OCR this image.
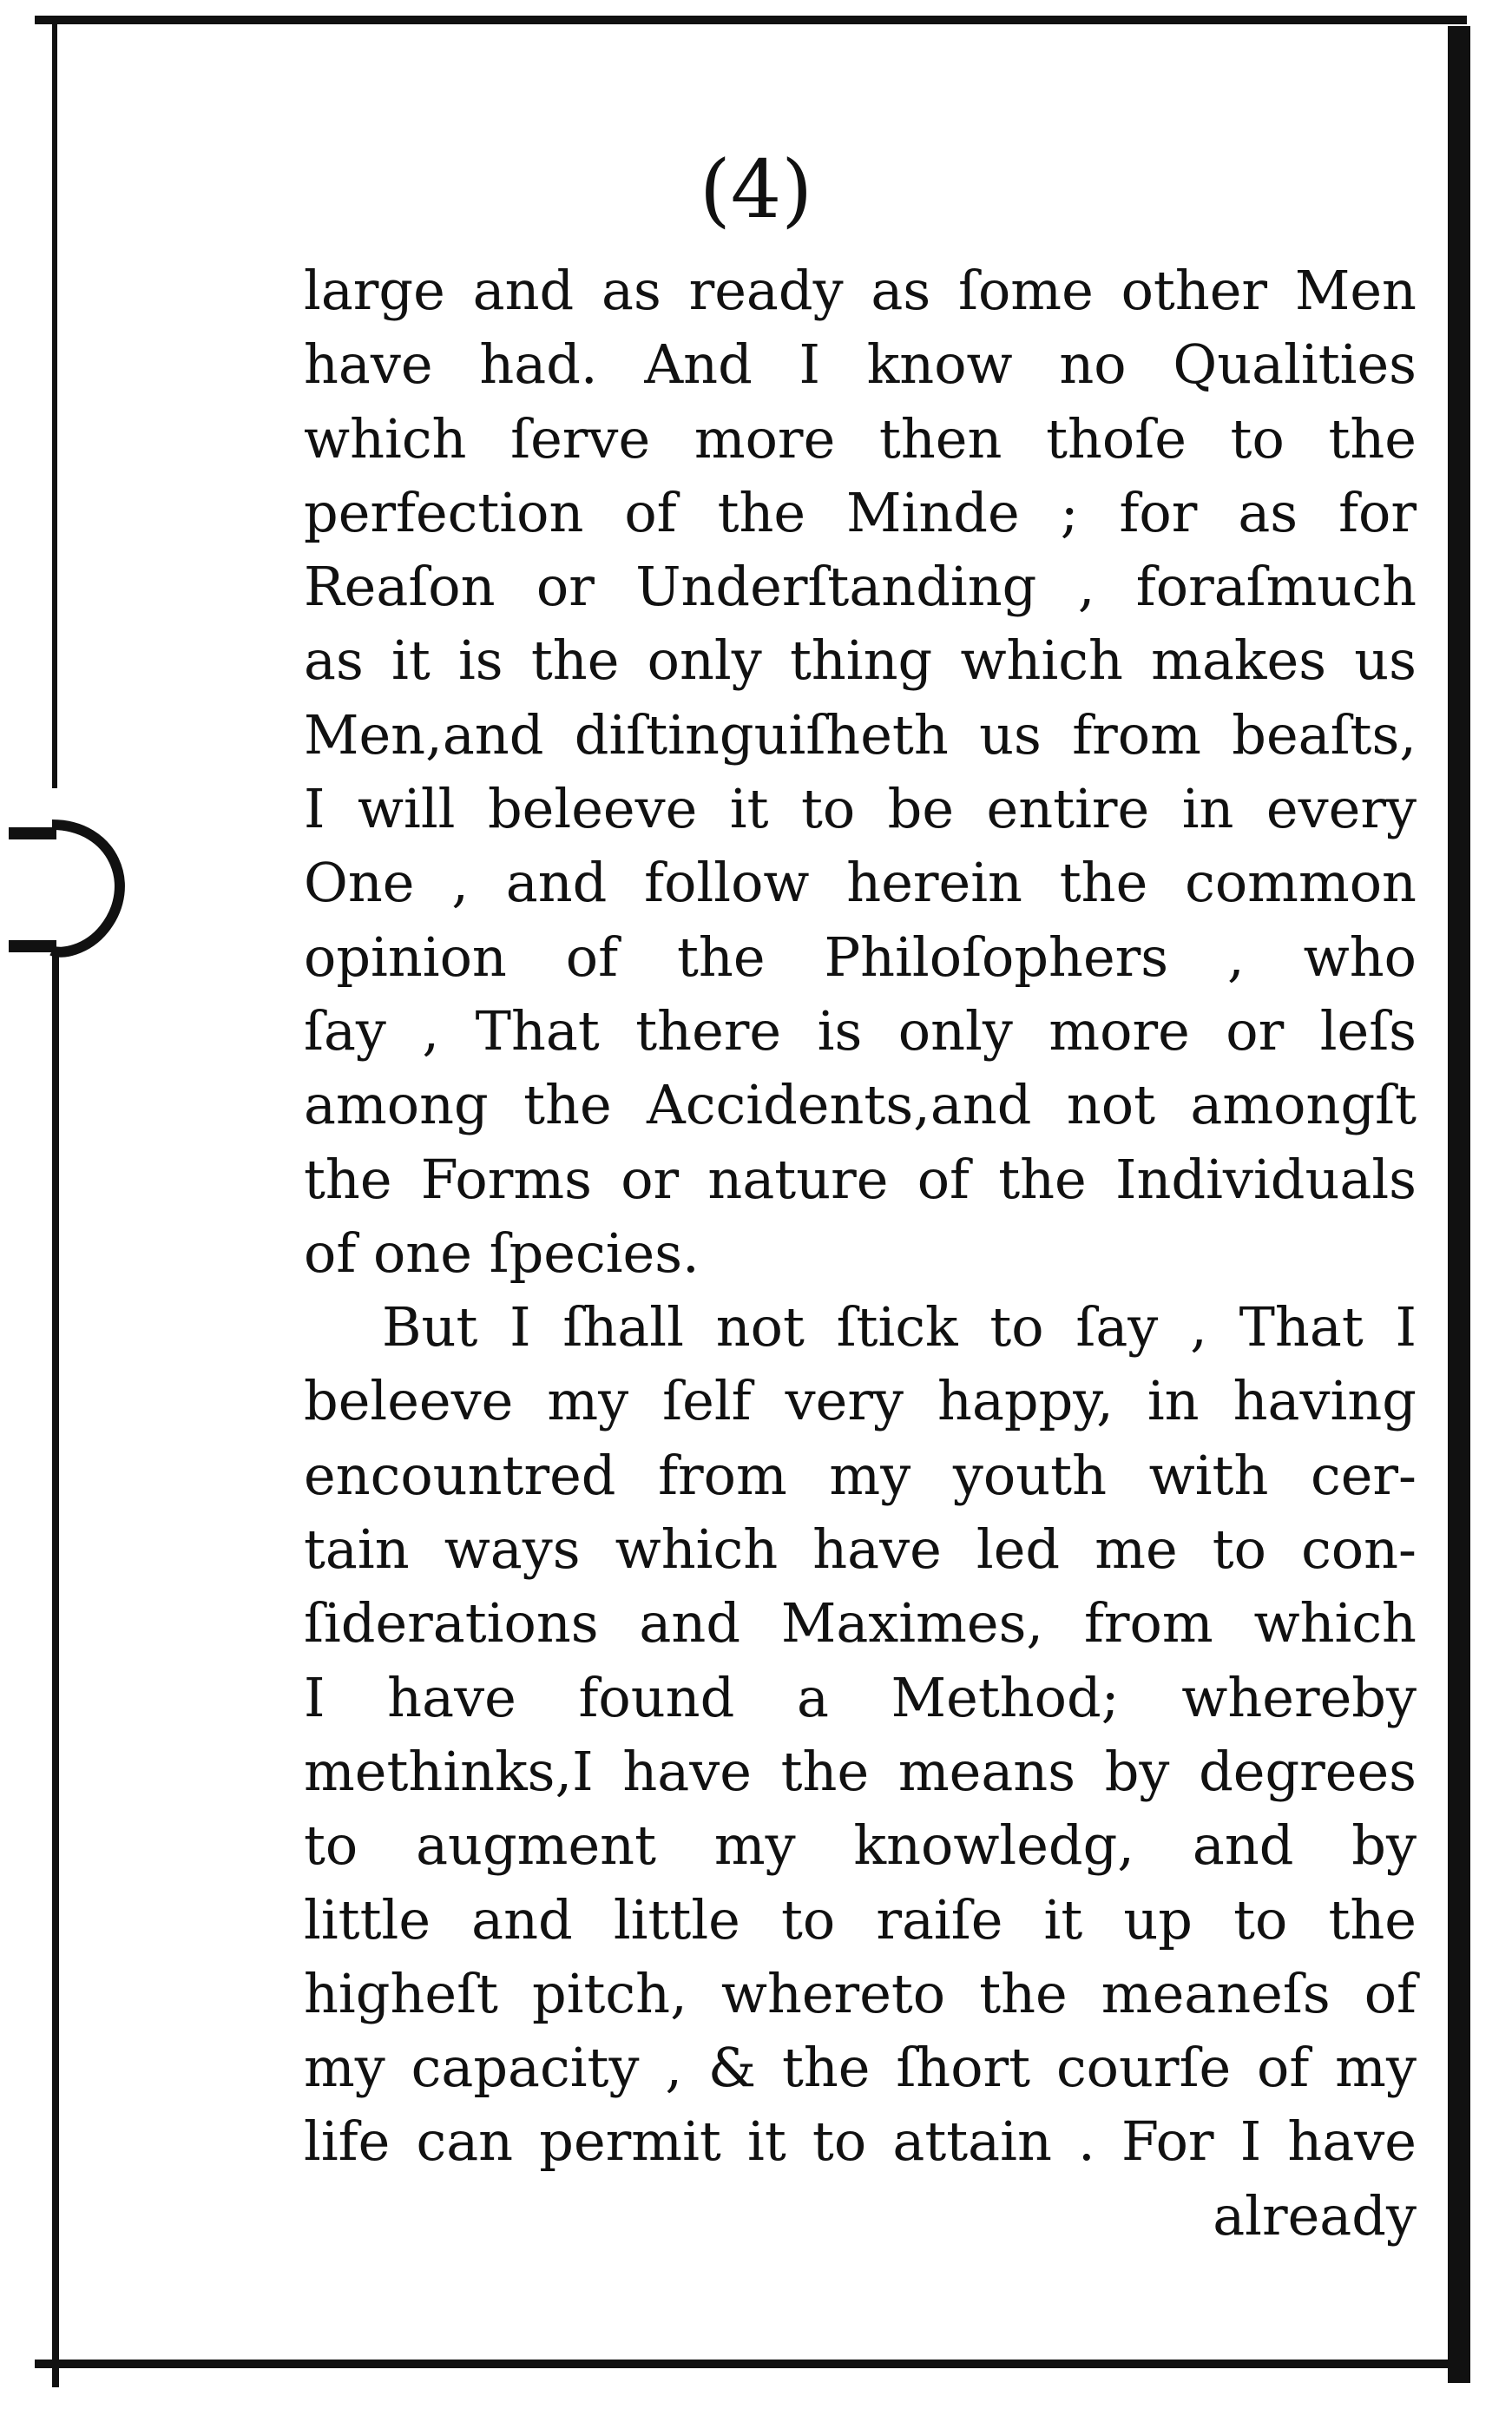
(4)
large and as ready as ſome other Men
have had. And I know no Qualities
which ſerve more then thoſe to the
perfection of the Minde ; for as for
Reaſon or Underſtanding , foraſmuch
as it is the only thing which makes us
Men,and diſtinguiſheth us from beaſts,
I will beleeve it to be entire in every
One , and follow herein the common
opinion of the Philoſophers , who
ſay , That there is only more or leſs
among the Accidents,and not amongſt
the Forms or nature of the Individuals
of one ſpecies.
But I ſhall not ſtick to ſay , That I
beleeve my ſelf very happy, in having
encountred from my youth with cer-
tain ways which have led me to con-
ſiderations and Maximes, from which
I have found a Method; whereby
methinks,I have the means by degrees
to augment my knowledg, and by
little and little to raiſe it up to the
higheſt pitch, whereto the meaneſs of
my capacity , & the ſhort courſe of my
life can permit it to attain . For I have
already
